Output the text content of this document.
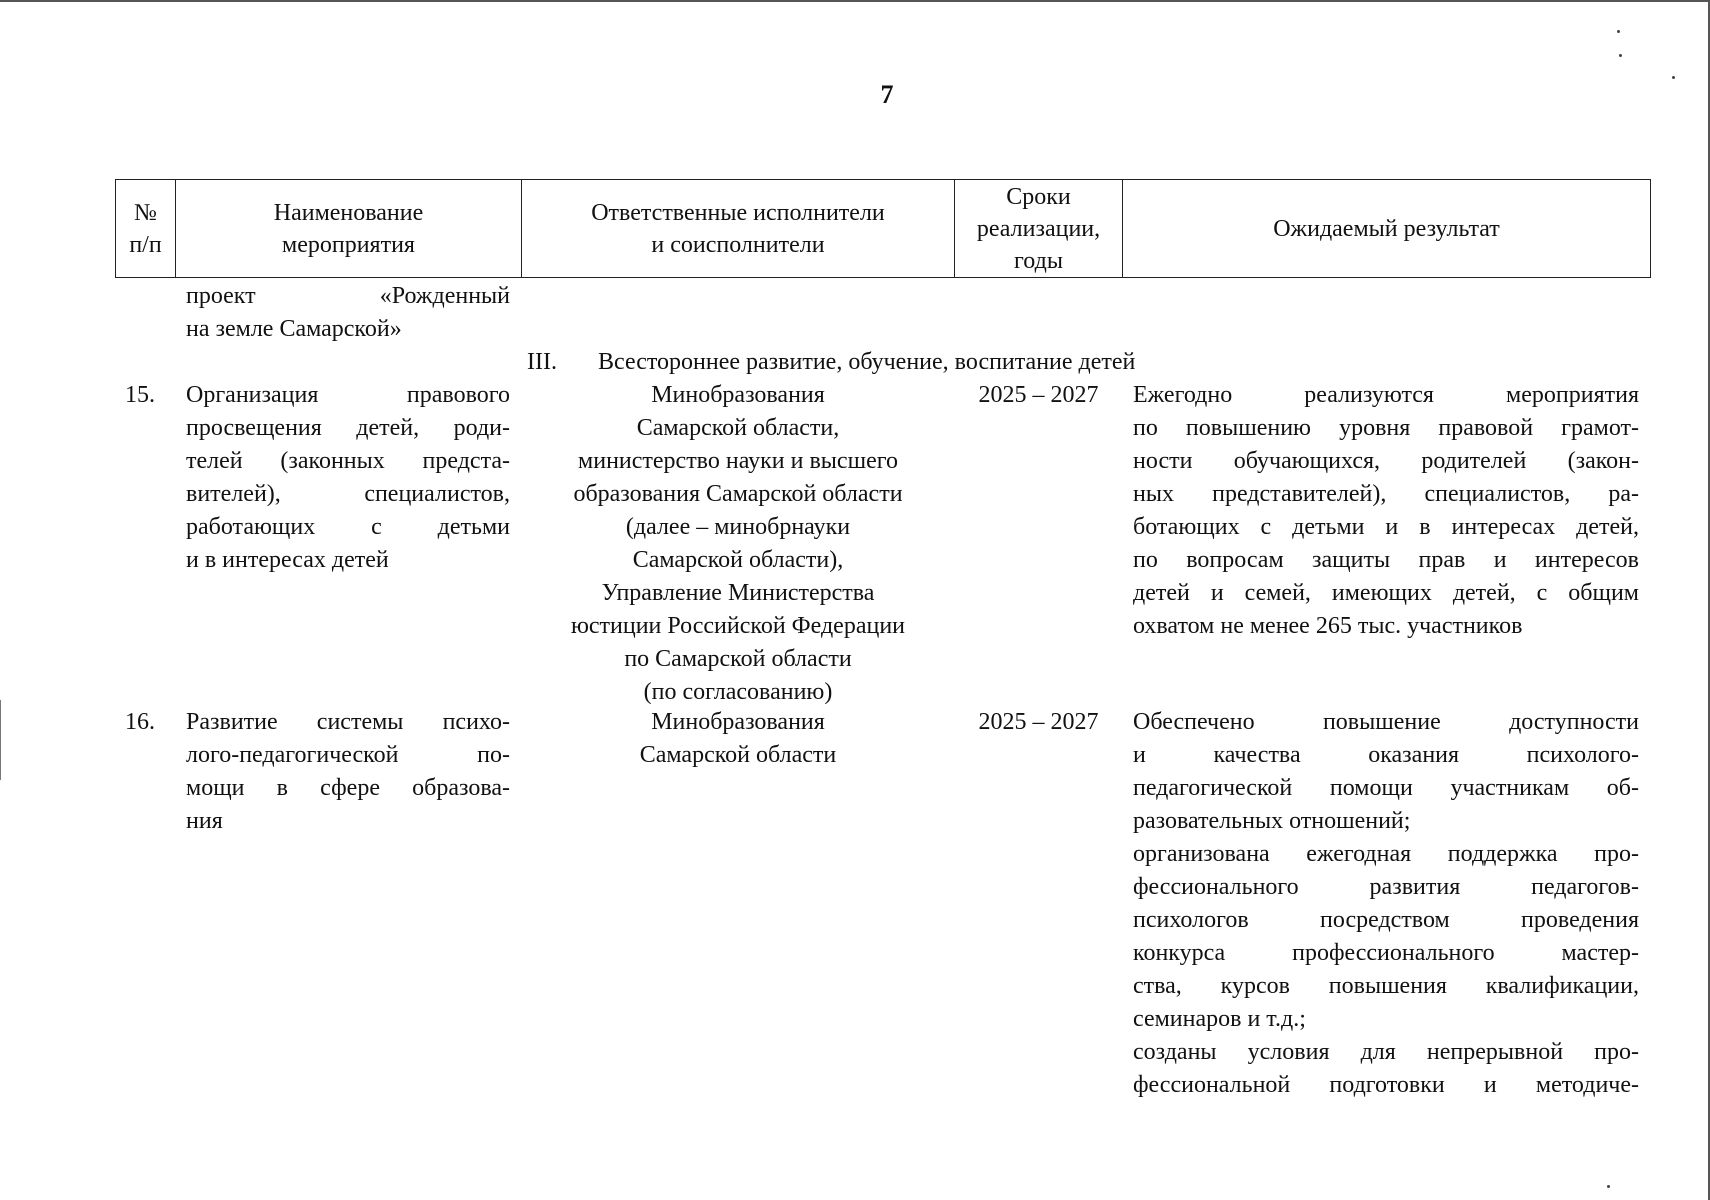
7
№
п/п
Наименование
мероприятия
Ответственные исполнители
и соисполнители
Сроки
реализации,
годы
Ожидаемый результат
проект «Рожденный
на земле Самарской»
III. Всестороннее развитие, обучение, воспитание детей
15. Организация правового
просвещения детей, роди-
телей (законных предста-
вителей), специалистов,
работающих с детьми
и в интересах детей
Минобразования
Самарской области,
министерство науки и высшего
образования Самарской области
(далее – минобрнауки
Самарской области),
Управление Министерства
юстиции Российской Федерации
по Самарской области
(по согласованию)
2025 – 2027	Ежегодно реализуются мероприятия
по повышению уровня правовой грамот-
ности обучающихся, родителей (закон-
ных представителей), специалистов, ра-
ботающих с детьми и в интересах детей,
по вопросам защиты прав и интересов
детей и семей, имеющих детей, с общим
охватом не менее 265 тыс. участников
16. Развитие системы психо-
лого-педагогической по-
мощи в сфере образова-
ния
Минобразования
Самарской области
2025 – 2027	Обеспечено повышение доступности
и качества оказания психолого-
педагогической помощи участникам об-
разовательных отношений;
организована ежегодная поддержка про-
фессионального развития педагогов-
психологов посредством проведения
конкурса профессионального мастер-
ства, курсов повышения квалификации,
семинаров и т.д.;
созданы условия для непрерывной про-
фессиональной подготовки и методиче-
